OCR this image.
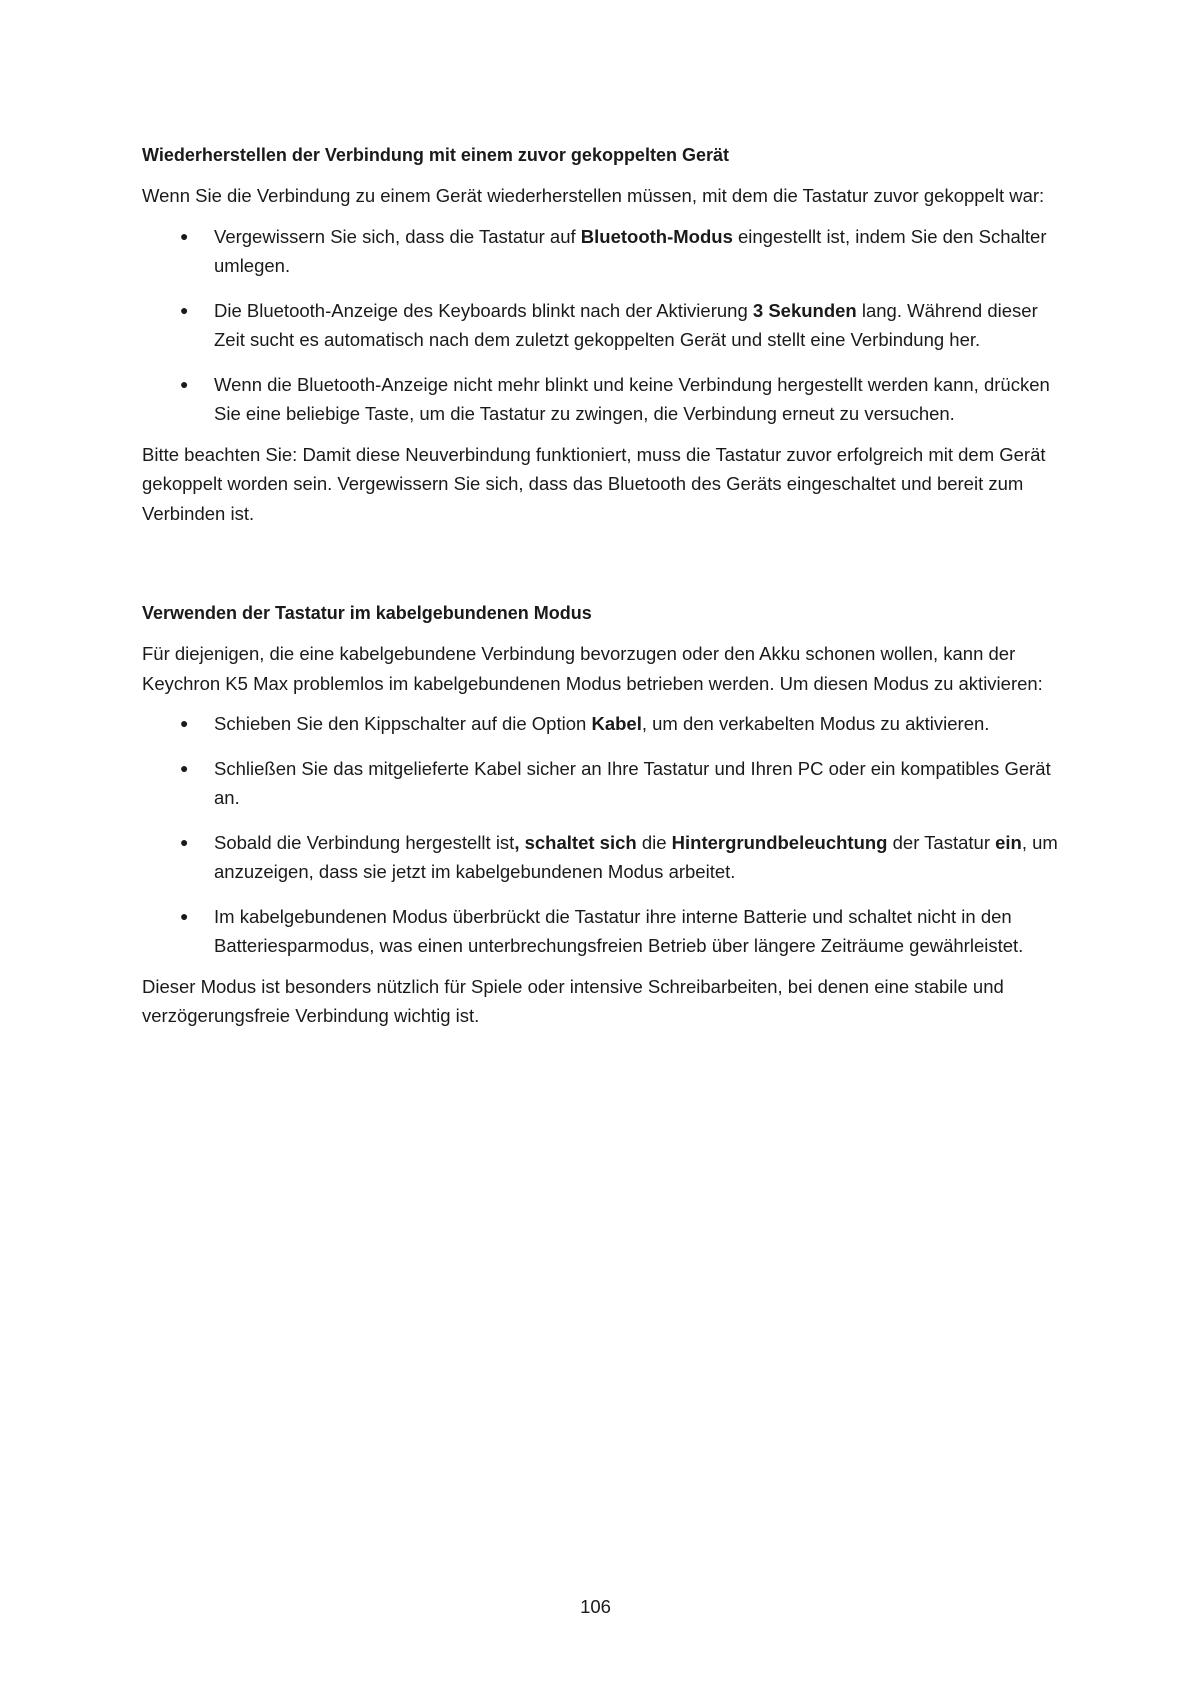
Wiederherstellen der Verbindung mit einem zuvor gekoppelten Gerät

Wenn Sie die Verbindung zu einem Gerät wiederherstellen müssen, mit dem die Tastatur zuvor gekoppelt war:

● Vergewissern Sie sich, dass die Tastatur auf Bluetooth-Modus eingestellt ist, indem Sie den Schalter umlegen.
● Die Bluetooth-Anzeige des Keyboards blinkt nach der Aktivierung 3 Sekunden lang. Während dieser Zeit sucht es automatisch nach dem zuletzt gekoppelten Gerät und stellt eine Verbindung her.
● Wenn die Bluetooth-Anzeige nicht mehr blinkt und keine Verbindung hergestellt werden kann, drücken Sie eine beliebige Taste, um die Tastatur zu zwingen, die Verbindung erneut zu versuchen.

Bitte beachten Sie: Damit diese Neuverbindung funktioniert, muss die Tastatur zuvor erfolgreich mit dem Gerät gekoppelt worden sein. Vergewissern Sie sich, dass das Bluetooth des Geräts eingeschaltet und bereit zum Verbinden ist.

Verwenden der Tastatur im kabelgebundenen Modus

Für diejenigen, die eine kabelgebundene Verbindung bevorzugen oder den Akku schonen wollen, kann der Keychron K5 Max problemlos im kabelgebundenen Modus betrieben werden. Um diesen Modus zu aktivieren:

● Schieben Sie den Kippschalter auf die Option Kabel, um den verkabelten Modus zu aktivieren.
● Schließen Sie das mitgelieferte Kabel sicher an Ihre Tastatur und Ihren PC oder ein kompatibles Gerät an.
● Sobald die Verbindung hergestellt ist, schaltet sich die Hintergrundbeleuchtung der Tastatur ein, um anzuzeigen, dass sie jetzt im kabelgebundenen Modus arbeitet.
● Im kabelgebundenen Modus überbrückt die Tastatur ihre interne Batterie und schaltet nicht in den Batteriesparmodus, was einen unterbrechungsfreien Betrieb über längere Zeiträume gewährleistet.

Dieser Modus ist besonders nützlich für Spiele oder intensive Schreibarbeiten, bei denen eine stabile und verzögerungsfreie Verbindung wichtig ist.

106
